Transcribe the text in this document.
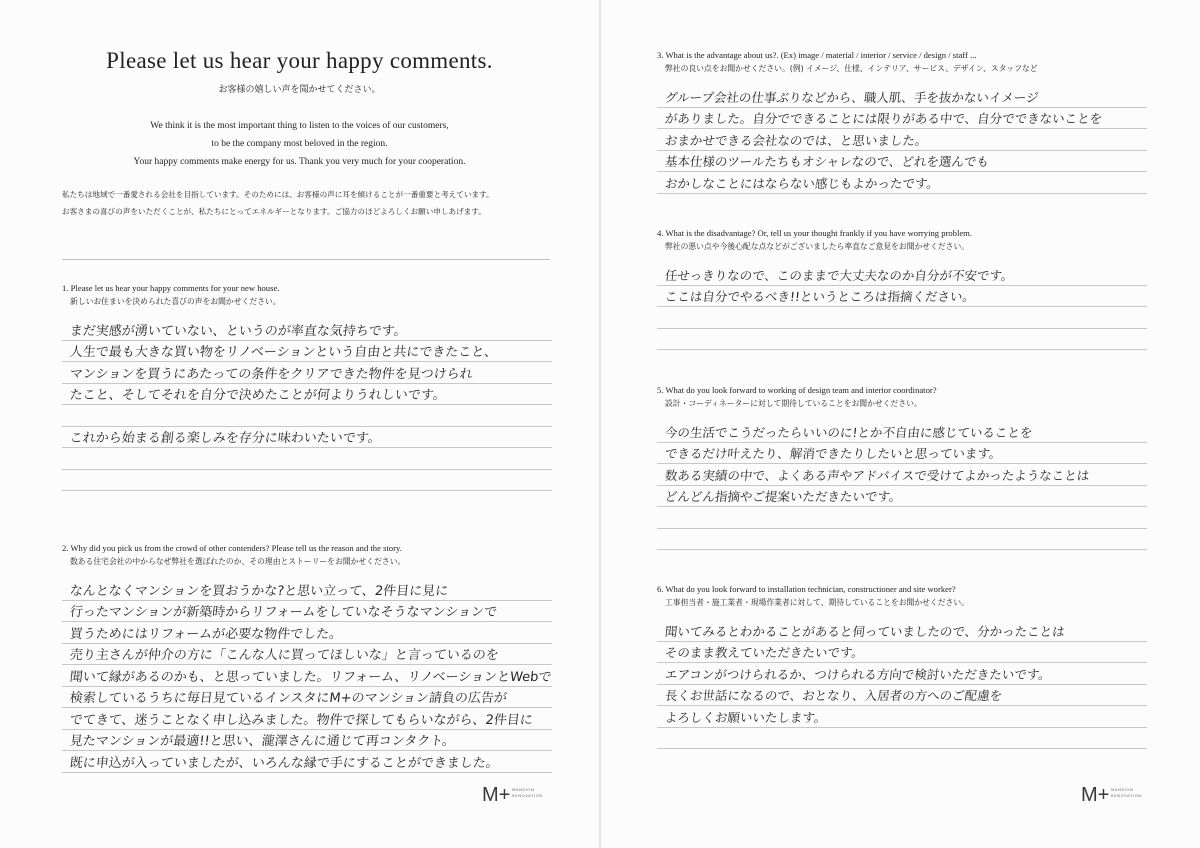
Please let us hear your happy comments.
お客様の嬉しい声を聞かせてください。
We think it is the most important thing to listen to the voices of our customers,
to be the company most beloved in the region.
Your happy comments make energy for us. Thank you very much for your cooperation.
私たちは地域で一番愛される会社を目指しています。そのためには、お客様の声に耳を傾けることが一番重要と考えています。
お客さまの喜びの声をいただくことが、私たちにとってエネルギーとなります。ご協力のほどよろしくお願い申しあげます。
1. Please let us hear your happy comments for your new house.
新しいお住まいを決められた喜びの声をお聞かせください。
まだ実感が湧いていない、というのが率直な気持ちです。
人生で最も大きな買い物をリノベーションという自由と共にできたこと、
マンションを買うにあたっての条件をクリアできた物件を見つけられ
たこと、そしてそれを自分で決めたことが何よりうれしいです。
これから始まる創る楽しみを存分に味わいたいです。
2. Why did you pick us from the crowd of other contenders? Please tell us the reason and the story.
数ある住宅会社の中からなぜ弊社を選ばれたのか、その理由とストーリーをお聞かせください。
なんとなくマンションを買おうかな?と思い立って、2件目に見に
行ったマンションが新築時からリフォームをしていなそうなマンションで
買うためにはリフォームが必要な物件でした。
売り主さんが仲介の方に「こんな人に買ってほしいな」と言っているのを
聞いて縁があるのかも、と思っていました。リフォーム、リノベーションとWebで
検索しているうちに毎日見ているインスタにM+のマンション請負の広告が
でてきて、迷うことなく申し込みました。物件で探してもらいながら、2件目に
見たマンションが最適!!と思い、瀧澤さんに通じて再コンタクト。
既に申込が入っていましたが、いろんな縁で手にすることができました。
M+ MANSION
RENOVATION
3. What is the advantage about us?. (Ex) image / material / interior / service / design / staff ...
弊社の良い点をお聞かせください。(例) イメージ、仕様、インテリア、サービス、デザイン、スタッフなど
グループ会社の仕事ぶりなどから、職人肌、手を抜かないイメージ
がありました。自分でできることには限りがある中で、自分でできないことを
おまかせできる会社なのでは、と思いました。
基本仕様のツールたちもオシャレなので、どれを選んでも
おかしなことにはならない感じもよかったです。
4. What is the disadvantage? Or, tell us your thought frankly if you have worrying problem.
弊社の悪い点や今後心配な点などがございましたら率直なご意見をお聞かせください。
任せっきりなので、このままで大丈夫なのか自分が不安です。
ここは自分でやるべき!!というところは指摘ください。
5. What do you look forward to working of design team and interior coordinator?
設計・コーディネーターに対して期待していることをお聞かせください。
今の生活でこうだったらいいのに!とか不自由に感じていることを
できるだけ叶えたり、解消できたりしたいと思っています。
数ある実績の中で、よくある声やアドバイスで受けてよかったようなことは
どんどん指摘やご提案いただきたいです。
6. What do you look forward to installation technician, constructioner and site worker?
工事担当者・施工業者・現場作業者に対して、期待していることをお聞かせください。
聞いてみるとわかることがあると伺っていましたので、分かったことは
そのまま教えていただきたいです。
エアコンがつけられるか、つけられる方向で検討いただきたいです。
長くお世話になるので、おとなり、入居者の方へのご配慮を
よろしくお願いいたします。
M+ MANSION
RENOVATION
